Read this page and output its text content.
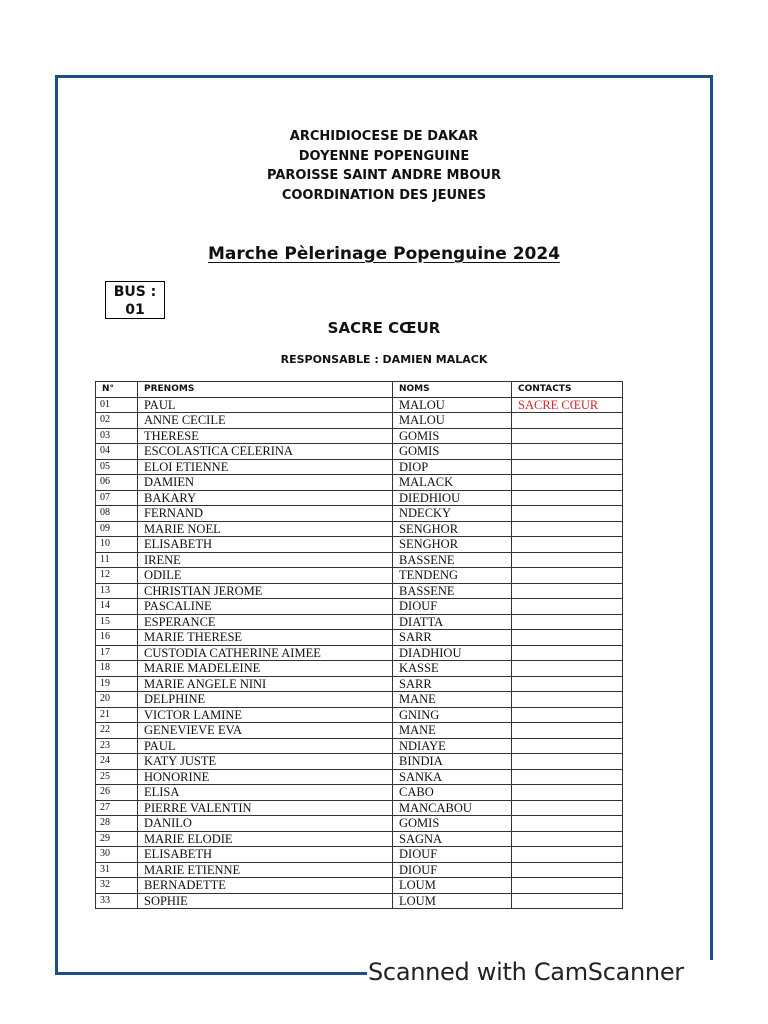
ARCHIDIOCESE DE DAKAR
DOYENNE POPENGUINE
PAROISSE SAINT ANDRE MBOUR
COORDINATION DES JEUNES
Marche Pèlerinage Popenguine 2024
BUS :
01
SACRE CŒUR
RESPONSABLE : DAMIEN MALACK
N°	PRENOMS	NOMS	CONTACTS
01	PAUL	MALOU	SACRE CŒUR
02	ANNE CECILE	MALOU	
03	THERESE	GOMIS	
04	ESCOLASTICA CELERINA	GOMIS	
05	ELOI ETIENNE	DIOP	
06	DAMIEN	MALACK	
07	BAKARY	DIEDHIOU	
08	FERNAND	NDECKY	
09	MARIE NOEL	SENGHOR	
10	ELISABETH	SENGHOR	
11	IRENE	BASSENE	
12	ODILE	TENDENG	
13	CHRISTIAN JEROME	BASSENE	
14	PASCALINE	DIOUF	
15	ESPERANCE	DIATTA	
16	MARIE THERESE	SARR	
17	CUSTODIA CATHERINE AIMEE	DIADHIOU	
18	MARIE MADELEINE	KASSE	
19	MARIE ANGELE NINI	SARR	
20	DELPHINE	MANE	
21	VICTOR LAMINE	GNING	
22	GENEVIEVE EVA	MANE	
23	PAUL	NDIAYE	
24	KATY JUSTE	BINDIA	
25	HONORINE	SANKA	
26	ELISA	CABO	
27	PIERRE VALENTIN	MANCABOU	
28	DANILO	GOMIS	
29	MARIE ELODIE	SAGNA	
30	ELISABETH	DIOUF	
31	MARIE ETIENNE	DIOUF	
32	BERNADETTE	LOUM	
33	SOPHIE	LOUM	
Scanned with CamScanner
